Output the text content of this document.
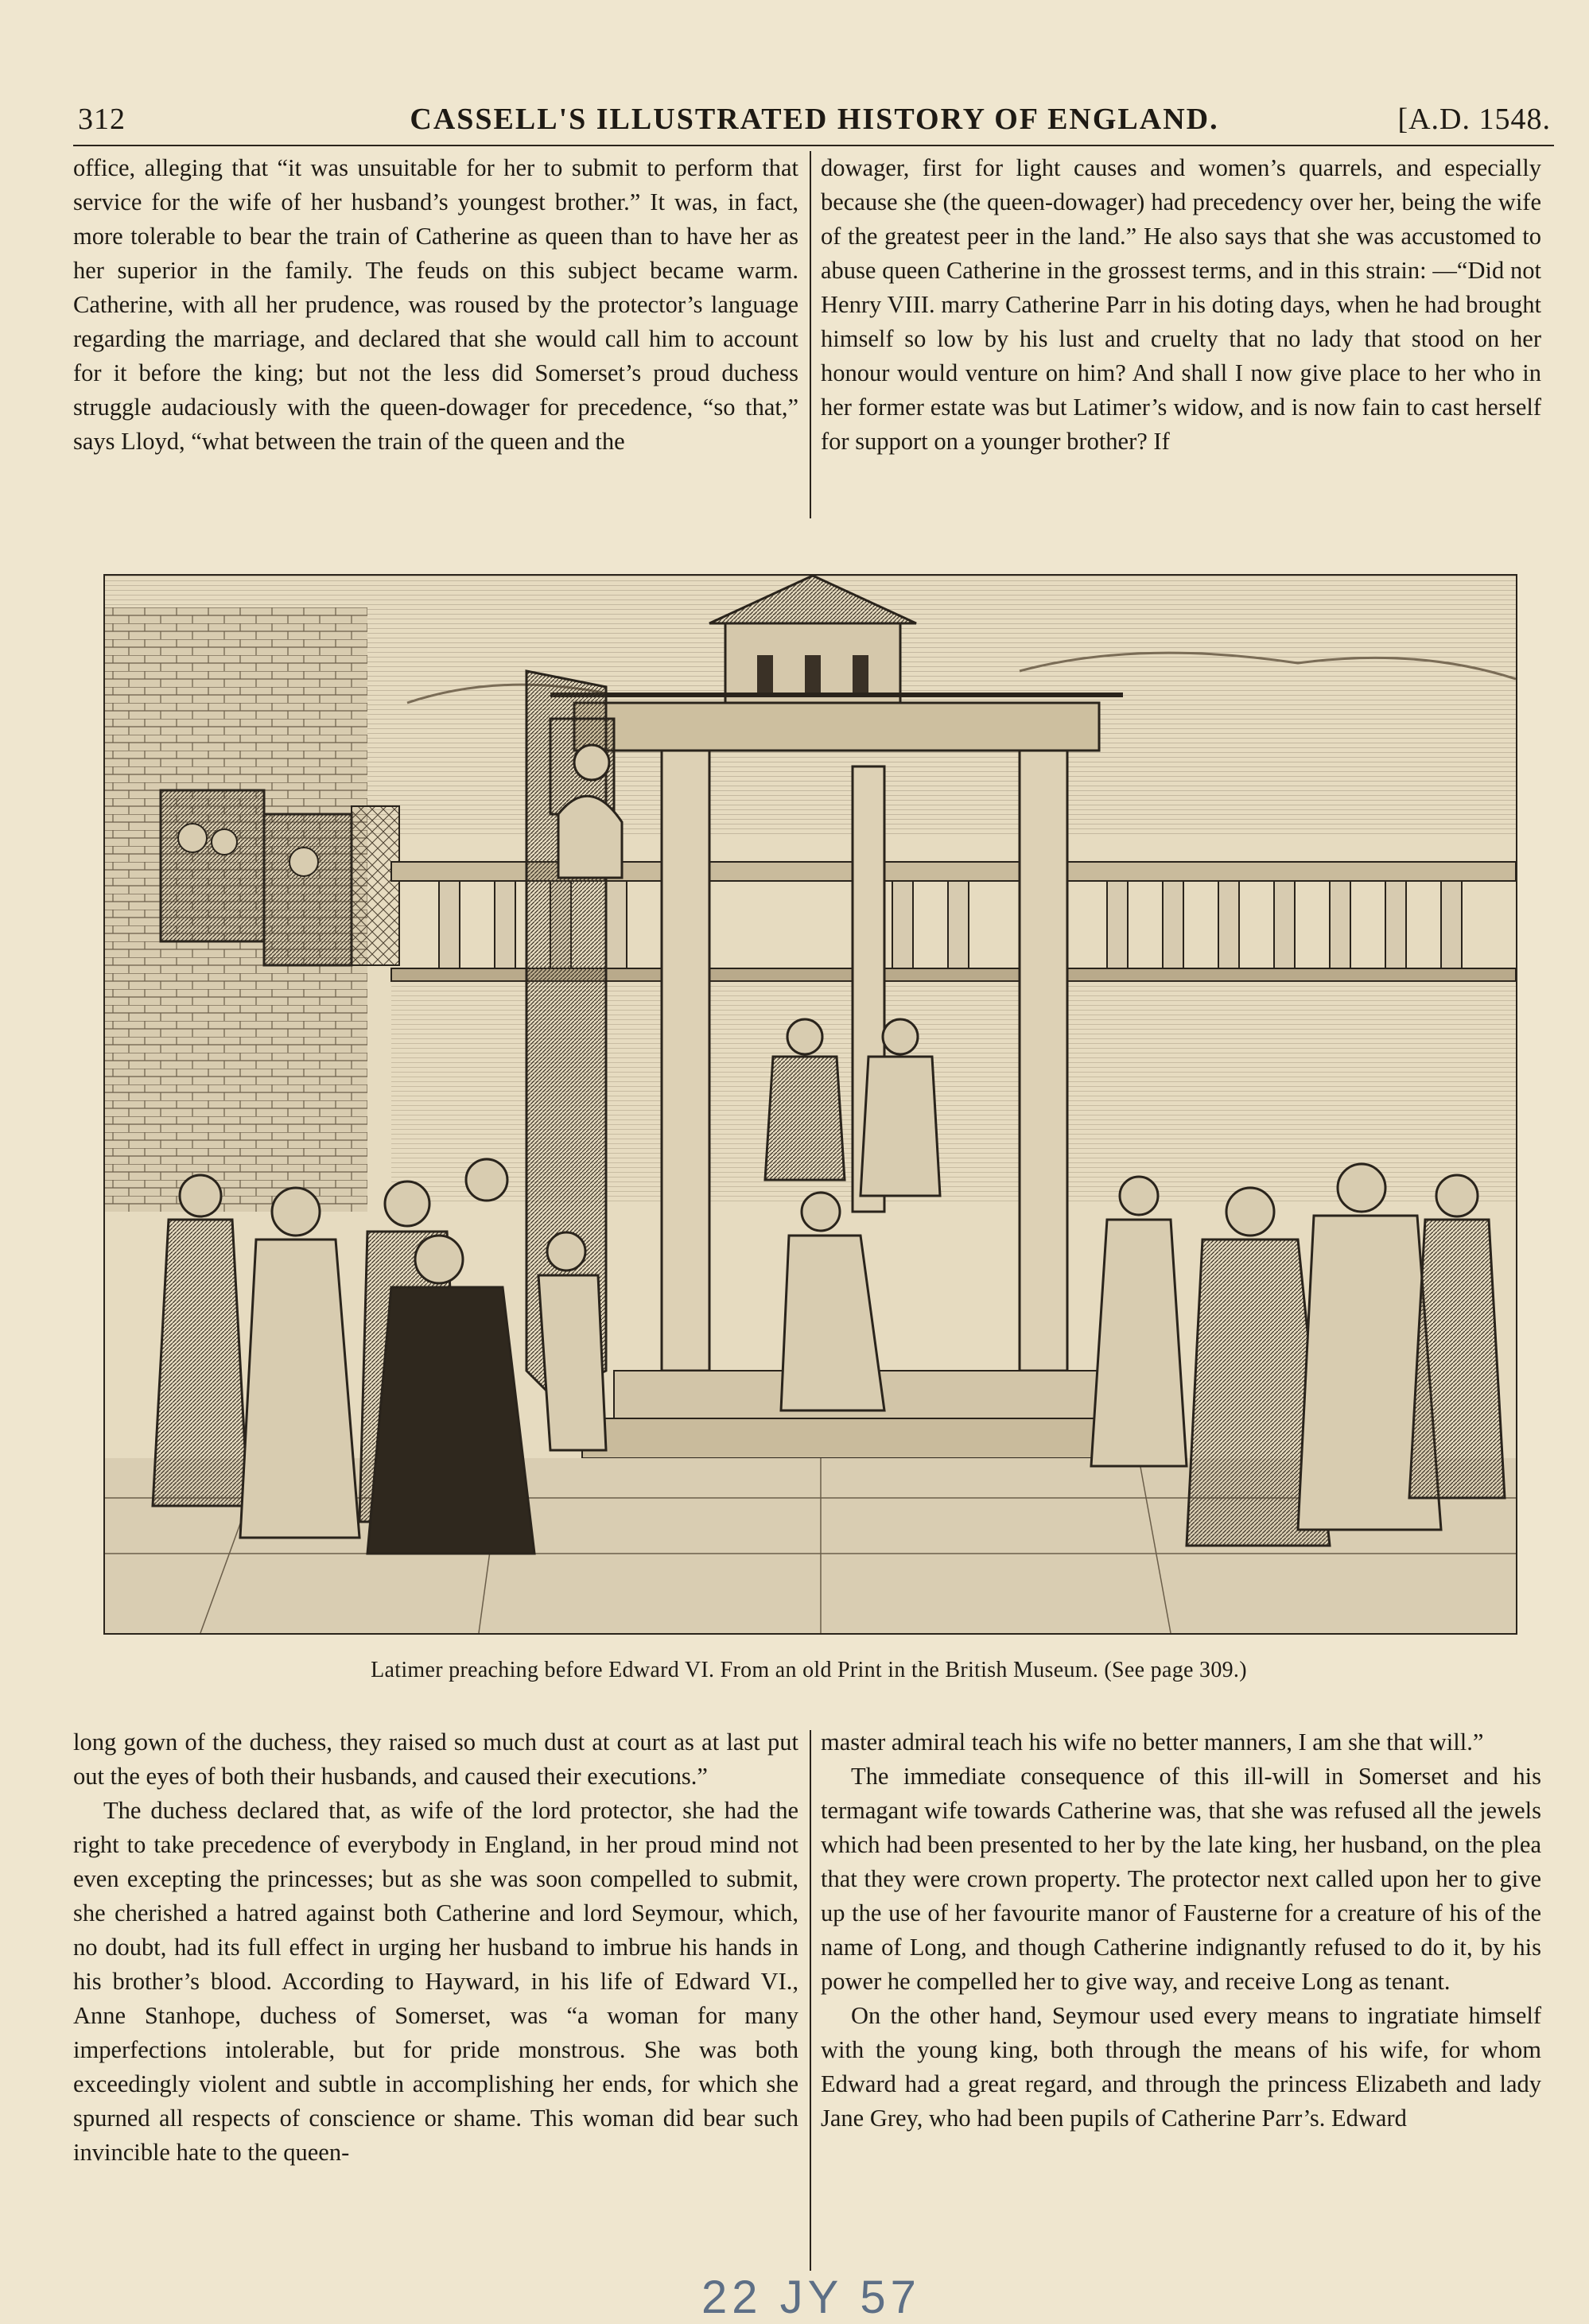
312	CASSELL'S ILLUSTRATED HISTORY OF ENGLAND.	[A.D. 1548.

office, alleging that “it was unsuitable for her to submit to perform that service for the wife of her husband’s youngest brother.” It was, in fact, more tolerable to bear the train of Catherine as queen than to have her as her superior in the family. The feuds on this subject became warm. Catherine, with all her prudence, was roused by the protector’s language regarding the marriage, and declared that she would call him to account for it before the king; but not the less did Somerset’s proud duchess struggle audaciously with the queen-dowager for precedence, “so that,” says Lloyd, “what between the train of the queen and the

dowager, first for light causes and women’s quarrels, and especially because she (the queen-dowager) had precedency over her, being the wife of the greatest peer in the land.” He also says that she was accustomed to abuse queen Catherine in the grossest terms, and in this strain: —“Did not Henry VIII. marry Catherine Parr in his doting days, when he had brought himself so low by his lust and cruelty that no lady that stood on her honour would venture on him? And shall I now give place to her who in her former estate was but Latimer’s widow, and is now fain to cast herself for support on a younger brother? If

Latimer preaching before Edward VI. From an old Print in the British Museum. (See page 309.)

long gown of the duchess, they raised so much dust at court as at last put out the eyes of both their husbands, and caused their executions.”

The duchess declared that, as wife of the lord protector, she had the right to take precedence of everybody in England, in her proud mind not even excepting the princesses; but as she was soon compelled to submit, she cherished a hatred against both Catherine and lord Seymour, which, no doubt, had its full effect in urging her husband to imbrue his hands in his brother’s blood. According to Hayward, in his life of Edward VI., Anne Stanhope, duchess of Somerset, was “a woman for many imperfections intolerable, but for pride monstrous. She was both exceedingly violent and subtle in accomplishing her ends, for which she spurned all respects of conscience or shame. This woman did bear such invincible hate to the queen-

master admiral teach his wife no better manners, I am she that will.”

The immediate consequence of this ill-will in Somerset and his termagant wife towards Catherine was, that she was refused all the jewels which had been presented to her by the late king, her husband, on the plea that they were crown property. The protector next called upon her to give up the use of her favourite manor of Fausterne for a creature of his of the name of Long, and though Catherine indignantly refused to do it, by his power he compelled her to give way, and receive Long as tenant.

On the other hand, Seymour used every means to ingratiate himself with the young king, both through the means of his wife, for whom Edward had a great regard, and through the princess Elizabeth and lady Jane Grey, who had been pupils of Catherine Parr’s. Edward

22 JY 57
